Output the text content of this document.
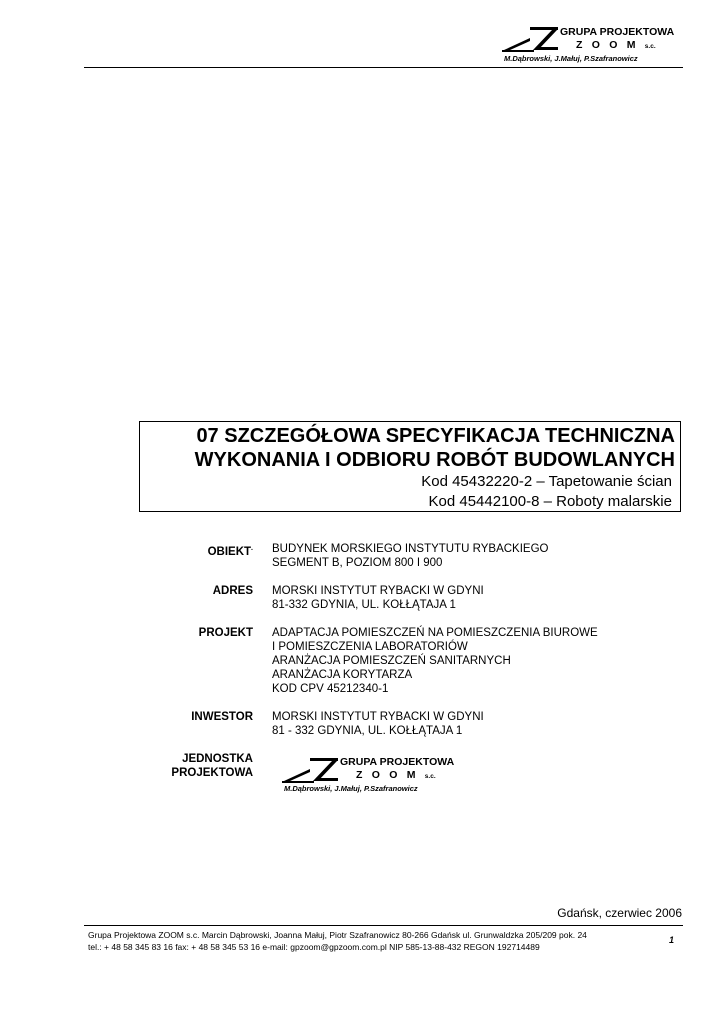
GRUPA PROJEKTOWA
Z O O M s.c.
M.Dąbrowski, J.Małuj, P.Szafranowicz
07 SZCZEGÓŁOWA SPECYFIKACJA TECHNICZNA
WYKONANIA I ODBIORU ROBÓT BUDOWLANYCH
Kod 45432220-2 – Tapetowanie ścian
Kod 45442100-8 – Roboty malarskie
OBIEKT. BUDYNEK MORSKIEGO INSTYTUTU RYBACKIEGO
SEGMENT B, POZIOM 800 I 900
ADRES MORSKI INSTYTUT RYBACKI W GDYNI
81-332 GDYNIA, UL. KOŁŁĄTAJA 1
PROJEKT ADAPTACJA POMIESZCZEŃ NA POMIESZCZENIA BIUROWE
I POMIESZCZENIA LABORATORIÓW
ARANŻACJA POMIESZCZEŃ SANITARNYCH
ARANŻACJA KORYTARZA
KOD CPV 45212340-1
INWESTOR MORSKI INSTYTUT RYBACKI W GDYNI
81 - 332 GDYNIA, UL. KOŁŁĄTAJA 1
JEDNOSTKA
PROJEKTOWA
GRUPA PROJEKTOWA
Z O O M s.c.
M.Dąbrowski, J.Małuj, P.Szafranowicz
Gdańsk, czerwiec 2006
Grupa Projektowa ZOOM s.c. Marcin Dąbrowski, Joanna Małuj, Piotr Szafranowicz 80-266 Gdańsk ul. Grunwaldzka 205/209 pok. 24
tel.: + 48 58 345 83 16 fax: + 48 58 345 53 16 e-mail: gpzoom@gpzoom.com.pl NIP 585-13-88-432 REGON 192714489
1
